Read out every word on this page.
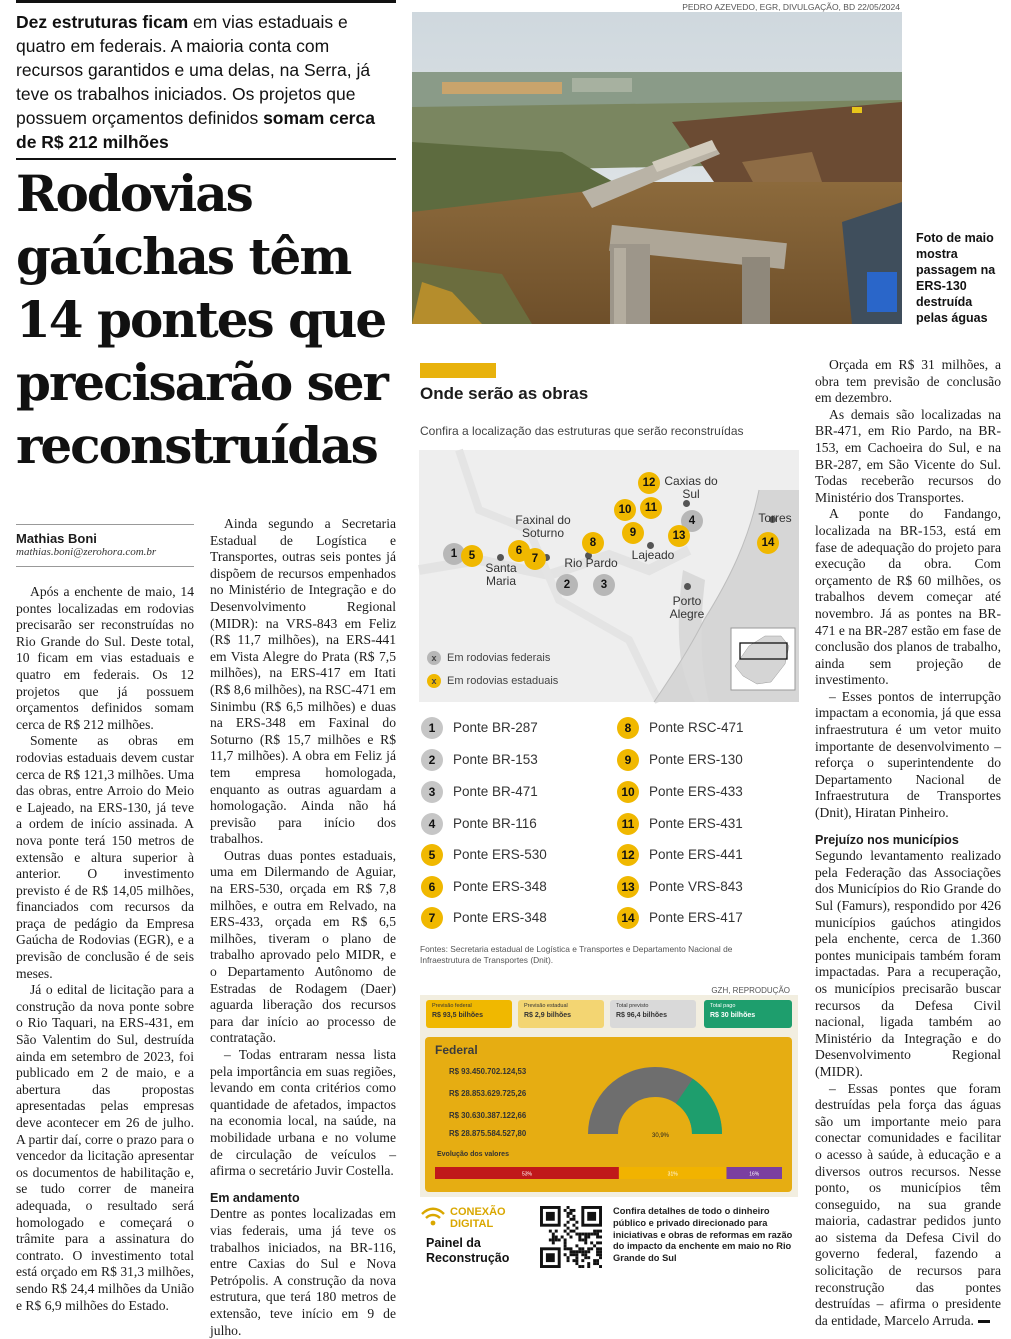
Dez estruturas ficam em vias estaduais e quatro em federais. A maioria conta com recursos garantidos e uma delas, na Serra, já teve os trabalhos iniciados. Os projetos que possuem orçamentos definidos somam cerca de R$ 212 milhões
Rodovias gaúchas têm 14 pontes que precisarão ser reconstruídas
Mathias Boni
mathias.boni@zerohora.com.br

Após a enchente de maio, 14 pontes localizadas em rodovias precisarão ser reconstruídas no Rio Grande do Sul. Deste total, 10 ficam em vias estaduais e quatro em federais. Os 12 projetos que já possuem orçamentos definidos somam cerca de R$ 212 milhões.

Somente as obras em rodovias estaduais devem custar cerca de R$ 121,3 milhões. Uma das obras, entre Arroio do Meio e Lajeado, na ERS-130, já teve a ordem de início assinada. A nova ponte terá 150 metros de extensão e altura superior à anterior. O investimento previsto é de R$ 14,05 milhões, financiados com recursos da praça de pedágio da Empresa Gaúcha de Rodovias (EGR), e a previsão de conclusão é de seis meses.

Já o edital de licitação para a construção da nova ponte sobre o Rio Taquari, na ERS-431, em São Valentim do Sul, destruída ainda em setembro de 2023, foi publicado em 2 de maio, e a abertura das propostas apresentadas pelas empresas deve acontecer em 26 de julho. A partir daí, corre o prazo para o vencedor da licitação apresentar os documentos de habilitação e, se tudo correr de maneira adequada, o resultado será homologado e começará o trâmite para a assinatura do contrato. O investimento total está orçado em R$ 31,3 milhões, sendo R$ 24,4 milhões da União e R$ 6,9 milhões do Estado.

Ainda segundo a Secretaria Estadual de Logística e Transportes, outras seis pontes já dispõem de recursos empenhados no Ministério de Integração e do Desenvolvimento Regional (MIDR): na VRS-843 em Feliz (R$ 11,7 milhões), na ERS-441 em Vista Alegre do Prata (R$ 7,5 milhões), na ERS-417 em Itati (R$ 8,6 milhões), na RSC-471 em Sinimbu (R$ 6,5 milhões) e duas na ERS-348 em Faxinal do Soturno (R$ 15,7 milhões e R$ 11,7 milhões). A obra em Feliz já tem empresa homologada, enquanto as outras aguardam a homologação. Ainda não há previsão para início dos trabalhos.

Outras duas pontes estaduais, uma em Dilermando de Aguiar, na ERS-530, orçada em R$ 7,8 milhões, e outra em Relvado, na ERS-433, orçada em R$ 6,5 milhões, tiveram o plano de trabalho aprovado pelo MIDR, e o Departamento Autônomo de Estradas de Rodagem (Daer) aguarda liberação dos recursos para dar início ao processo de contratação.

– Todas entraram nessa lista pela importância em suas regiões, levando em conta critérios como quantidade de afetados, impactos na economia local, na saúde, na mobilidade urbana e no volume de circulação de veículos – afirma o secretário Juvir Costella.

Em andamento

Dentre as pontes localizadas em vias federais, uma já teve os trabalhos iniciados, na BR-116, entre Caxias do Sul e Nova Petrópolis. A construção da nova estrutura, que terá 180 metros de extensão, teve início em 9 de julho.

Orçada em R$ 31 milhões, a obra tem previsão de conclusão em dezembro.

As demais são localizadas na BR-471, em Rio Pardo, na BR-153, em Cachoeira do Sul, e na BR-287, em São Vicente do Sul. Todas receberão recursos do Ministério dos Transportes.

A ponte do Fandango, localizada na BR-153, está em fase de adequação do projeto para execução da obra. Com orçamento de R$ 60 milhões, os trabalhos devem começar até novembro. Já as pontes na BR-471 e na BR-287 estão em fase de conclusão dos planos de trabalho, ainda sem projeção de investimento.

– Esses pontos de interrupção impactam a economia, já que essa infraestrutura é um vetor muito importante de desenvolvimento – reforça o superintendente do Departamento Nacional de Infraestrutura de Transportes (Dnit), Hiratan Pinheiro.

Prejuízo nos municípios

Segundo levantamento realizado pela Federação das Associações dos Municípios do Rio Grande do Sul (Famurs), respondido por 426 municípios gaúchos atingidos pela enchente, cerca de 1.360 pontes municipais também foram impactadas. Para a recuperação, os municípios precisarão buscar recursos da Defesa Civil nacional, ligada também ao Ministério da Integração e do Desenvolvimento Regional (MIDR).

– Essas pontes que foram destruídas pela força das águas são um importante meio para conectar comunidades e facilitar o acesso à saúde, à educação e a diversos outros recursos. Nesse ponto, os municípios têm conseguido, na sua grande maioria, cadastrar pedidos junto ao sistema da Defesa Civil do governo federal, fazendo a solicitação de recursos para reconstrução das pontes destruídas – afirma o presidente da entidade, Marcelo Arruda.

PEDRO AZEVEDO, EGR, DIVULGAÇÃO, BD 22/05/2024
Foto de maio mostra passagem na ERS-130 destruída pelas águas
Onde serão as obras
Confira a localização das estruturas que serão reconstruídas
Caxias do Sul
Faxinal do Soturno
Santa Maria
Rio Pardo
Lajeado
Torres
Porto Alegre
1
2	3
4
5	6
7
8
9
10	11
12
13
14
x Em rodovias federais
x Em rodovias estaduais
1 Ponte BR-287
2 Ponte BR-153
3 Ponte BR-471
4 Ponte BR-116
5 Ponte ERS-530
6 Ponte ERS-348
7 Ponte ERS-348
8 Ponte RSC-471
9 Ponte ERS-130
10 Ponte ERS-433
11 Ponte ERS-431
12 Ponte ERS-441
13 Ponte VRS-843
14 Ponte ERS-417
Fontes: Secretaria estadual de Logística e Transportes e Departamento Nacional de Infraestrutura de Transportes (Dnit).
GZH, REPRODUÇÃO
Previsão federal
R$ 93,5 bilhões
Previsão estadual
R$ 2,9 bilhões
Total previsto
R$ 96,4 bilhões
Total pago
R$ 30 bilhões
Federal
R$ 93.450.702.124,53
R$ 28.853.629.725,26
R$ 30.630.387.122,66
R$ 28.875.584.527,80	30,9%
Evolução dos valores
53%	31%	16%
CONEXÃO DIGITAL
Painel da Reconstrução
Confira detalhes de todo o dinheiro público e privado direcionado para iniciativas e obras de reformas em razão do impacto da enchente em maio no Rio Grande do Sul
